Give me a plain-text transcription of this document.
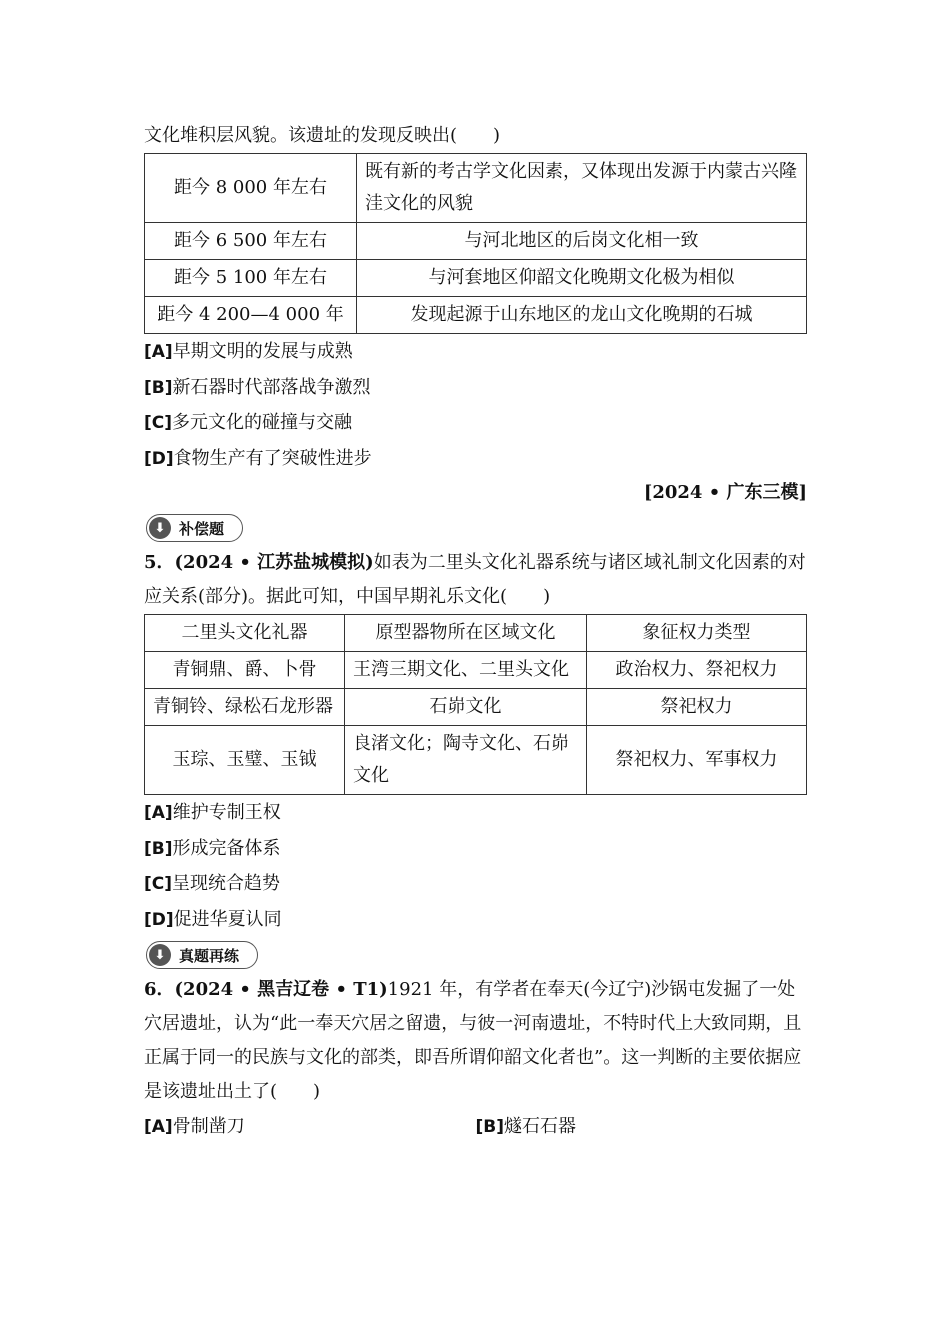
文化堆积层风貌。该遗址的发现反映出(　　)
距今 8 000 年左右	既有新的考古学文化因素，又体现出发源于内蒙古兴隆洼文化的风貌
距今 6 500 年左右	与河北地区的后岗文化相一致
距今 5 100 年左右	与河套地区仰韶文化晚期文化极为相似
距今 4 200—4 000 年	发现起源于山东地区的龙山文化晚期的石城
[A]早期文明的发展与成熟
[B]新石器时代部落战争激烈
[C]多元文化的碰撞与交融
[D]食物生产有了突破性进步
[2024 • 广东三模]
⬇ 补偿题
5．(2024 • 江苏盐城模拟)如表为二里头文化礼器系统与诸区域礼制文化因素的对应关系(部分)。据此可知，中国早期礼乐文化(　　)
二里头文化礼器	原型器物所在区域文化	象征权力类型
青铜鼎、爵、卜骨	王湾三期文化、二里头文化	政治权力、祭祀权力
青铜铃、绿松石龙形器	石峁文化	祭祀权力
玉琮、玉璧、玉钺	良渚文化；陶寺文化、石峁文化	祭祀权力、军事权力
[A]维护专制王权
[B]形成完备体系
[C]呈现统合趋势
[D]促进华夏认同
⬇ 真题再练
6．(2024 • 黑吉辽卷 • T1)1921 年，有学者在奉天(今辽宁)沙锅屯发掘了一处穴居遗址，认为“此一奉天穴居之留遗，与彼一河南遗址，不特时代上大致同期，且正属于同一的民族与文化的部类，即吾所谓仰韶文化者也”。这一判断的主要依据应是该遗址出土了(　　)
[A]骨制凿刀	[B]燧石石器
